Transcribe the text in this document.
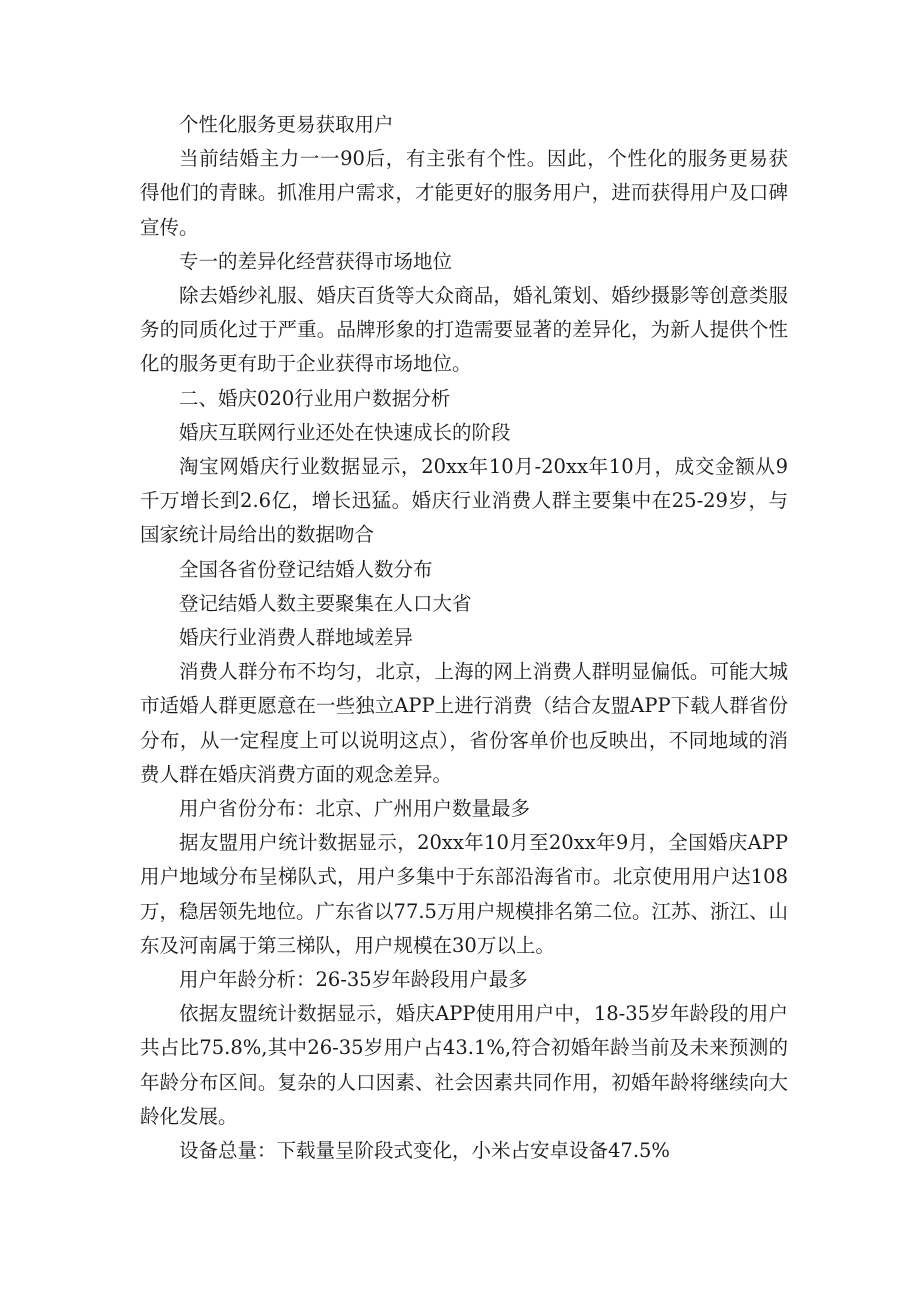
个性化服务更易获取用户

当前结婚主力一一90后，有主张有个性。因此，个性化的服务更易获得他们的青睐。抓准用户需求，才能更好的服务用户，进而获得用户及口碑宣传。

专一的差异化经营获得市场地位

除去婚纱礼服、婚庆百货等大众商品，婚礼策划、婚纱摄影等创意类服务的同质化过于严重。品牌形象的打造需要显著的差异化，为新人提供个性化的服务更有助于企业获得市场地位。

二、婚庆020行业用户数据分析

婚庆互联网行业还处在快速成长的阶段

淘宝网婚庆行业数据显示，20xx年10月-20xx年10月，成交金额从9千万增长到2.6亿，增长迅猛。婚庆行业消费人群主要集中在25-29岁，与国家统计局给出的数据吻合

全国各省份登记结婚人数分布

登记结婚人数主要聚集在人口大省

婚庆行业消费人群地域差异

消费人群分布不均匀，北京，上海的网上消费人群明显偏低。可能大城市适婚人群更愿意在一些独立APP上进行消费（结合友盟APP下载人群省份分布，从一定程度上可以说明这点），省份客单价也反映出，不同地域的消费人群在婚庆消费方面的观念差异。

用户省份分布：北京、广州用户数量最多

据友盟用户统计数据显示，20xx年10月至20xx年9月，全国婚庆APP用户地域分布呈梯队式，用户多集中于东部沿海省市。北京使用用户达108万，稳居领先地位。广东省以77.5万用户规模排名第二位。江苏、浙江、山东及河南属于第三梯队，用户规模在30万以上。

用户年龄分析：26-35岁年龄段用户最多

依据友盟统计数据显示，婚庆APP使用用户中，18-35岁年龄段的用户共占比75.8%,其中26-35岁用户占43.1%,符合初婚年龄当前及未来预测的年龄分布区间。复杂的人口因素、社会因素共同作用，初婚年龄将继续向大龄化发展。

设备总量：下载量呈阶段式变化，小米占安卓设备47.5%
